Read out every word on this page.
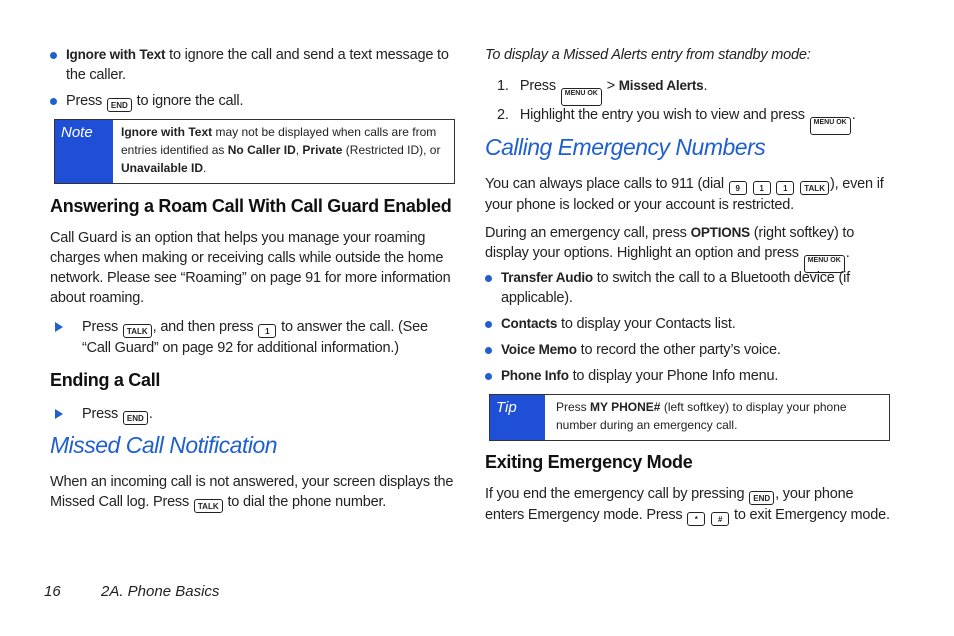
Ignore with Text to ignore the call and send a text message to the caller.
Press END to ignore the call.
Note	Ignore with Text may not be displayed when calls are from entries identified as No Caller ID, Private (Restricted ID), or Unavailable ID.
Answering a Roam Call With Call Guard Enabled
Call Guard is an option that helps you manage your roaming charges when making or receiving calls while outside the home network. Please see “Roaming” on page 91 for more information about roaming.
Press TALK , and then press 1 to answer the call. (See “Call Guard” on page 92 for additional information.)
Ending a Call
Press END .
Missed Call Notification
When an incoming call is not answered, your screen displays the Missed Call log. Press TALK to dial the phone number.
To display a Missed Alerts entry from standby mode:
1. Press MENU OK > Missed Alerts.
2. Highlight the entry you wish to view and press MENU OK .
Calling Emergency Numbers
You can always place calls to 911 (dial 9 1 1 TALK ), even if your phone is locked or your account is restricted.
During an emergency call, press OPTIONS (right softkey) to display your options. Highlight an option and press MENU OK .
Transfer Audio to switch the call to a Bluetooth device (if applicable).
Contacts to display your Contacts list.
Voice Memo to record the other party’s voice.
Phone Info to display your Phone Info menu.
Tip	Press MY PHONE# (left softkey) to display your phone number during an emergency call.
Exiting Emergency Mode
If you end the emergency call by pressing END , your phone enters Emergency mode. Press *	# to exit Emergency mode.
16	2A. Phone Basics
